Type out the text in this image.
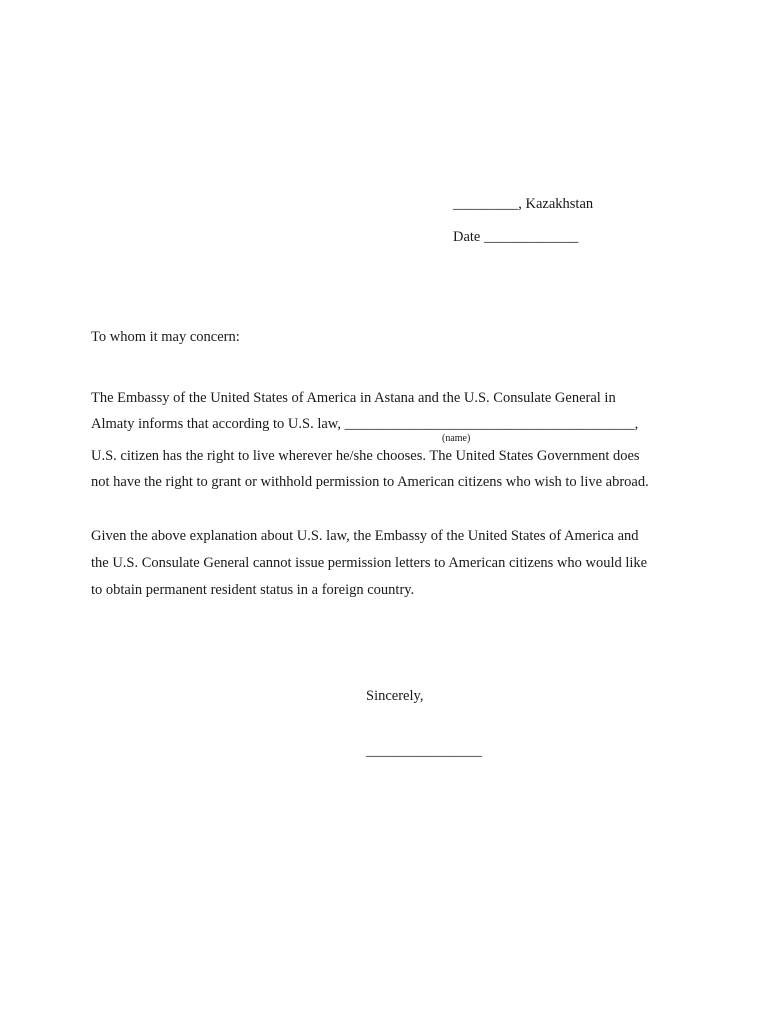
_________, Kazakhstan
Date _____________
To whom it may concern:
The Embassy of the United States of America in Astana and the U.S. Consulate General in
Almaty informs that according to U.S. law, ________________________________________,
(name)
U.S. citizen has the right to live wherever he/she chooses. The United States Government does
not have the right to grant or withhold permission to American citizens who wish to live abroad.
Given the above explanation about U.S. law, the Embassy of the United States of America and
the U.S. Consulate General cannot issue permission letters to American citizens who would like
to obtain permanent resident status in a foreign country.
Sincerely,
________________
